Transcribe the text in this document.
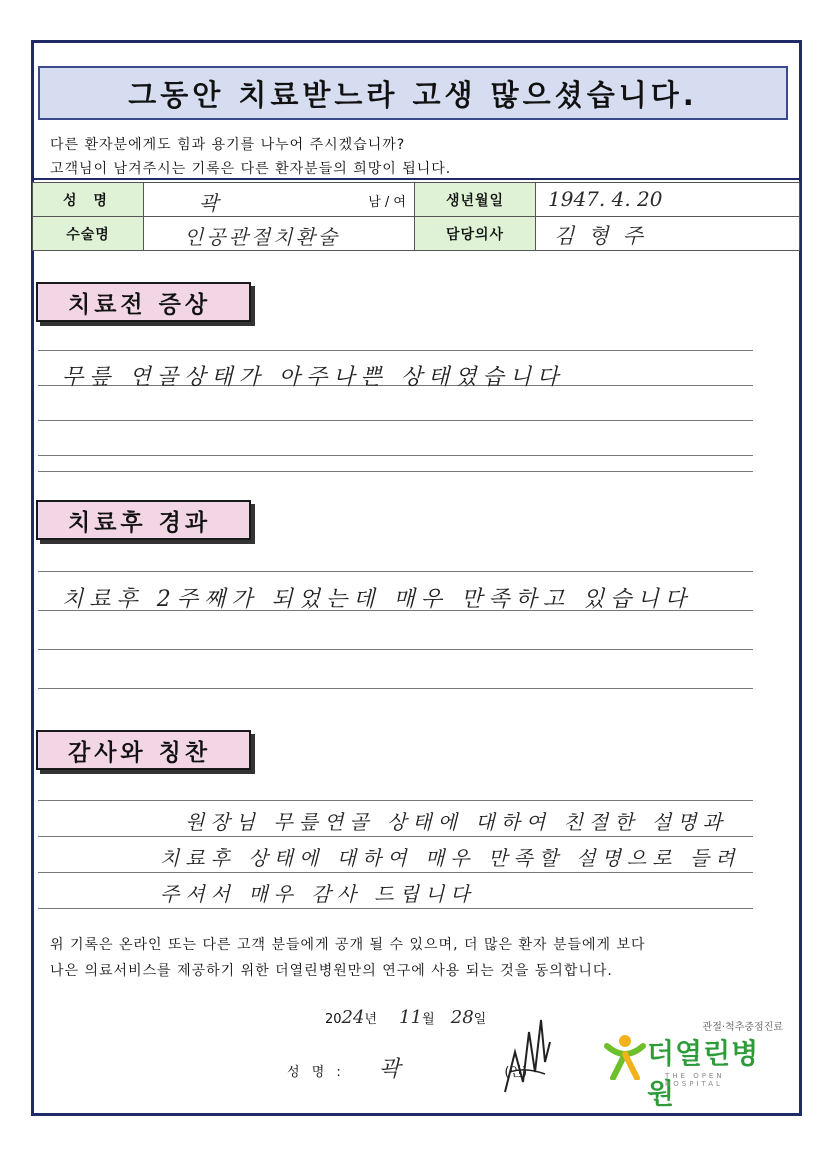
그동안 치료받느라 고생 많으셨습니다.
다른 환자분에게도 힘과 용기를 나누어 주시겠습니까?
고객님이 남겨주시는 기록은 다른 환자분들의 희망이 됩니다.
성 명	곽 남 / 여	생년월일	1947. 4. 20

수술명	인공관절치환술	담당의사	김형주
치료전 증상
무릎 연골상태가 아주나쁜 상태였습니다
치료후 경과
치료후 2주째가 되었는데 매우 만족하고 있습니다
감사와 칭찬
원장님 무릎연골 상태에 대하여 친절한 설명과
치료후 상태에 대하여 매우 만족할 설명으로 들려
주셔서 매우 감사 드립니다
위 기록은 온라인 또는 다른 고객 분들에게 공개 될 수 있으며, 더 많은 환자 분들에게 보다
나은 의료서비스를 제공하기 위한 더열린병원만의 연구에 사용 되는 것을 동의합니다.
2024년 11월 28일
성 명 : 곽	(인)
관절·척추중점진료
더열린병원
THE OPEN HOSPITAL
